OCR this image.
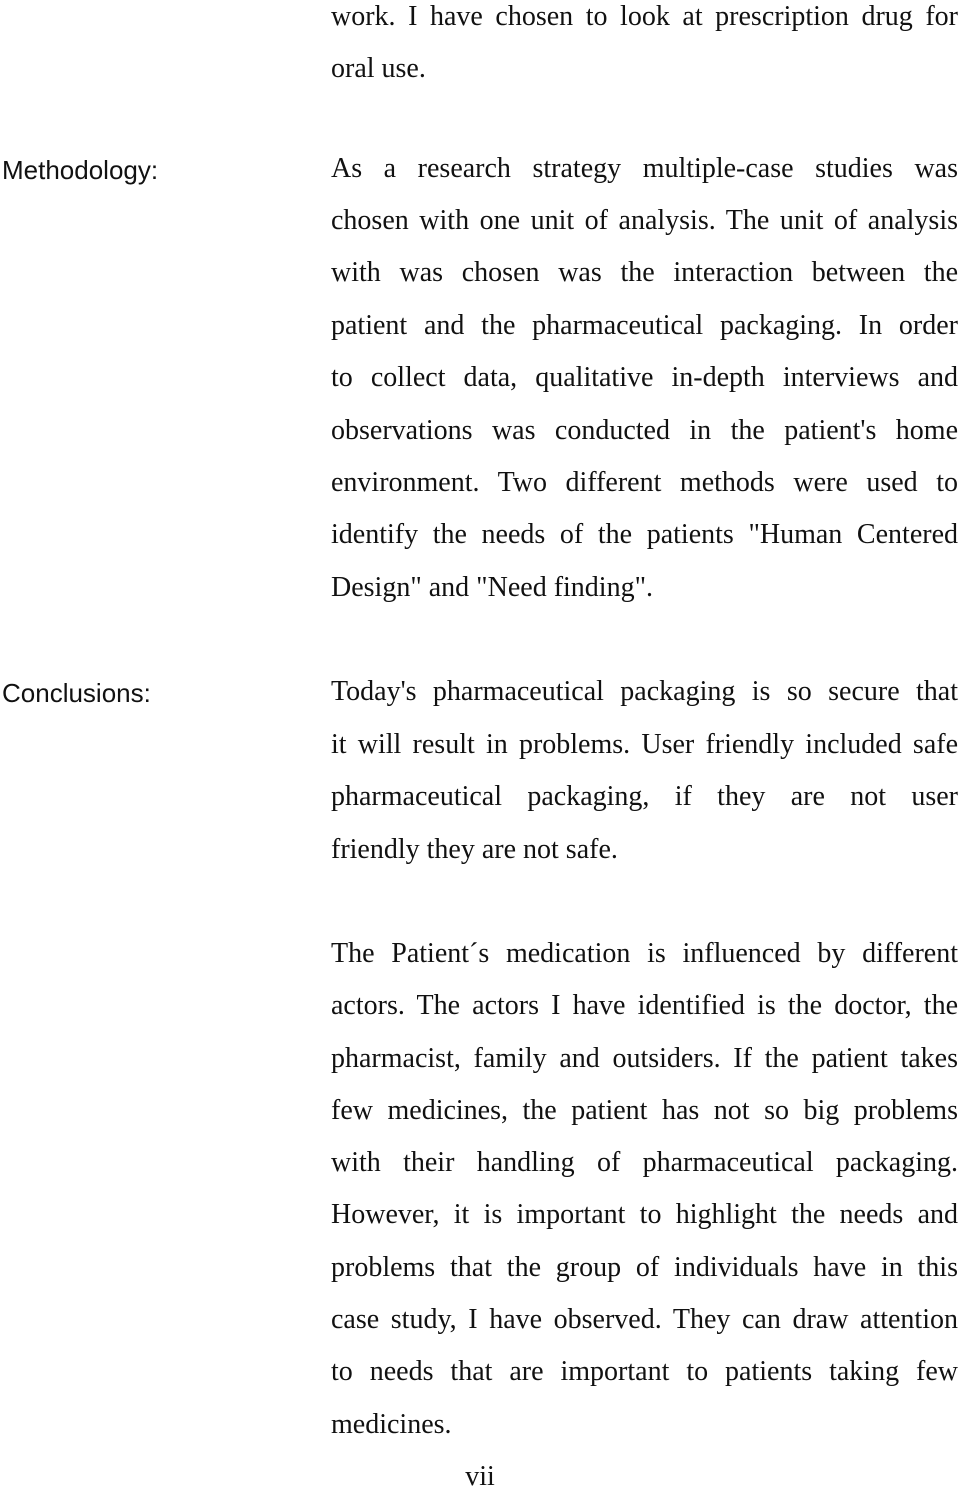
work. I have chosen to look at prescription drug for
oral use.
Methodology:	As a research strategy multiple-case studies was
chosen with one unit of analysis. The unit of analysis
with was chosen was the interaction between the
patient and the pharmaceutical packaging. In order
to collect data, qualitative in-depth interviews and
observations was conducted in the patient's home
environment. Two different methods were used to
identify the needs of the patients "Human Centered
Design" and "Need finding".
Conclusions:	Today's pharmaceutical packaging is so secure that
it will result in problems. User friendly included safe
pharmaceutical packaging, if they are not user
friendly they are not safe.
The Patient´s medication is influenced by different
actors. The actors I have identified is the doctor, the
pharmacist, family and outsiders. If the patient takes
few medicines, the patient has not so big problems
with their handling of pharmaceutical packaging.
However, it is important to highlight the needs and
problems that the group of individuals have in this
case study, I have observed. They can draw attention
to needs that are important to patients taking few
medicines.
vii
